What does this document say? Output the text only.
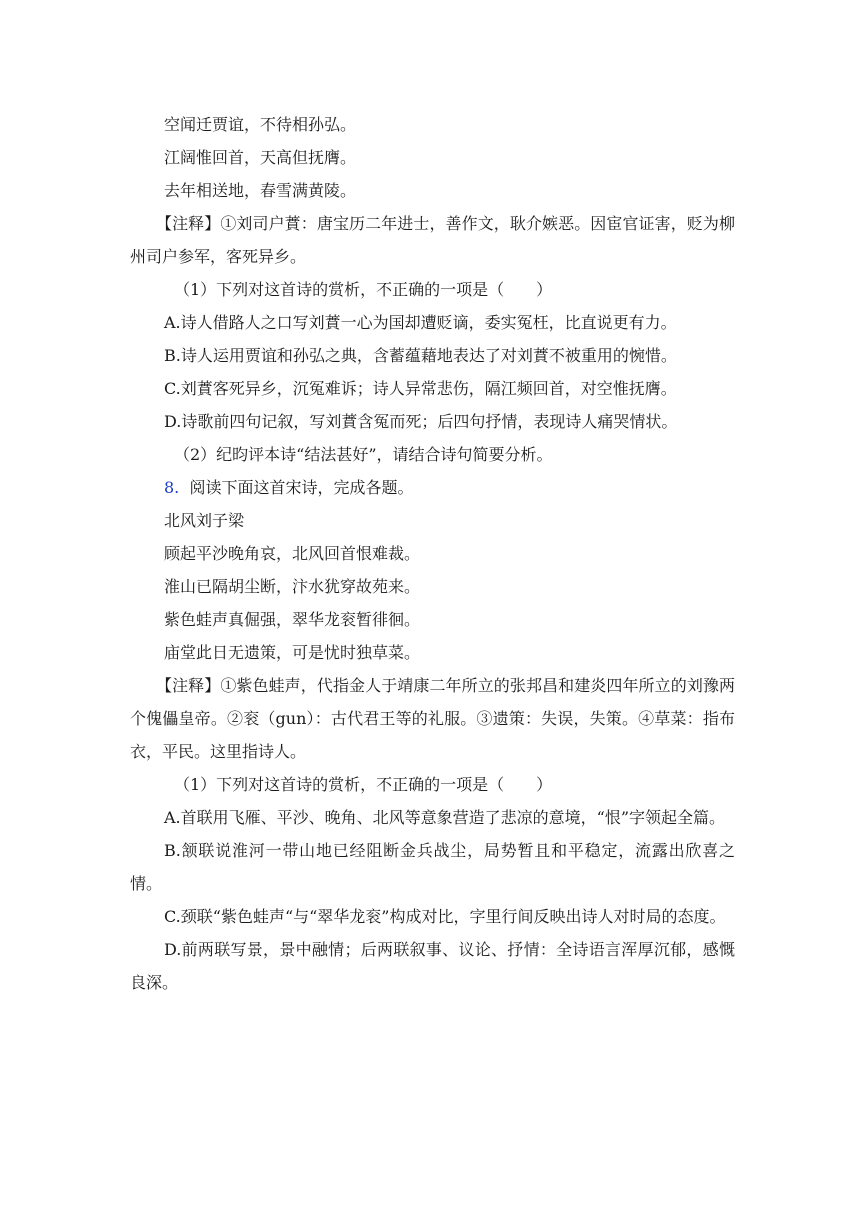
空闻迁贾谊，不待相孙弘。
江阔惟回首，天高但抚膺。
去年相送地，春雪满黄陵。
【注释】①刘司户蕡：唐宝历二年进士，善作文，耿介嫉恶。因宦官证害，贬为柳州司户参军，客死异乡。
（1）下列对这首诗的赏析，不正确的一项是（　　）
A.诗人借路人之口写刘蕡一心为国却遭贬谪，委实冤枉，比直说更有力。
B.诗人运用贾谊和孙弘之典，含蓄蕴藉地表达了对刘蕡不被重用的惋惜。
C.刘蕡客死异乡，沉冤难诉；诗人异常悲伤，隔江频回首，对空惟抚膺。
D.诗歌前四句记叙，写刘蕡含冤而死；后四句抒情，表现诗人痛哭情状。
（2）纪昀评本诗“结法甚好”，请结合诗句简要分析。
8. 阅读下面这首宋诗，完成各题。
北风刘子梁
顾起平沙晚角哀，北风回首恨难裁。
淮山已隔胡尘断，汴水犹穿故苑来。
紫色蛙声真倔强，翠华龙衮暂徘徊。
庙堂此日无遗策，可是忧时独草菜。
【注释】①紫色蛙声，代指金人于靖康二年所立的张邦昌和建炎四年所立的刘豫两个傀儡皇帝。②衮（gun）：古代君王等的礼服。③遗策：失误，失策。④草菜：指布衣，平民。这里指诗人。
（1）下列对这首诗的赏析，不正确的一项是（　　）
A.首联用飞雁、平沙、晚角、北风等意象营造了悲凉的意境，“恨”字领起全篇。
B.颔联说淮河一带山地已经阻断金兵战尘，局势暂且和平稳定，流露出欣喜之情。
C.颈联“紫色蛙声“与“翠华龙衮”构成对比，字里行间反映出诗人对时局的态度。
D.前两联写景，景中融情；后两联叙事、议论、抒情：全诗语言浑厚沉郁，感慨良深。
